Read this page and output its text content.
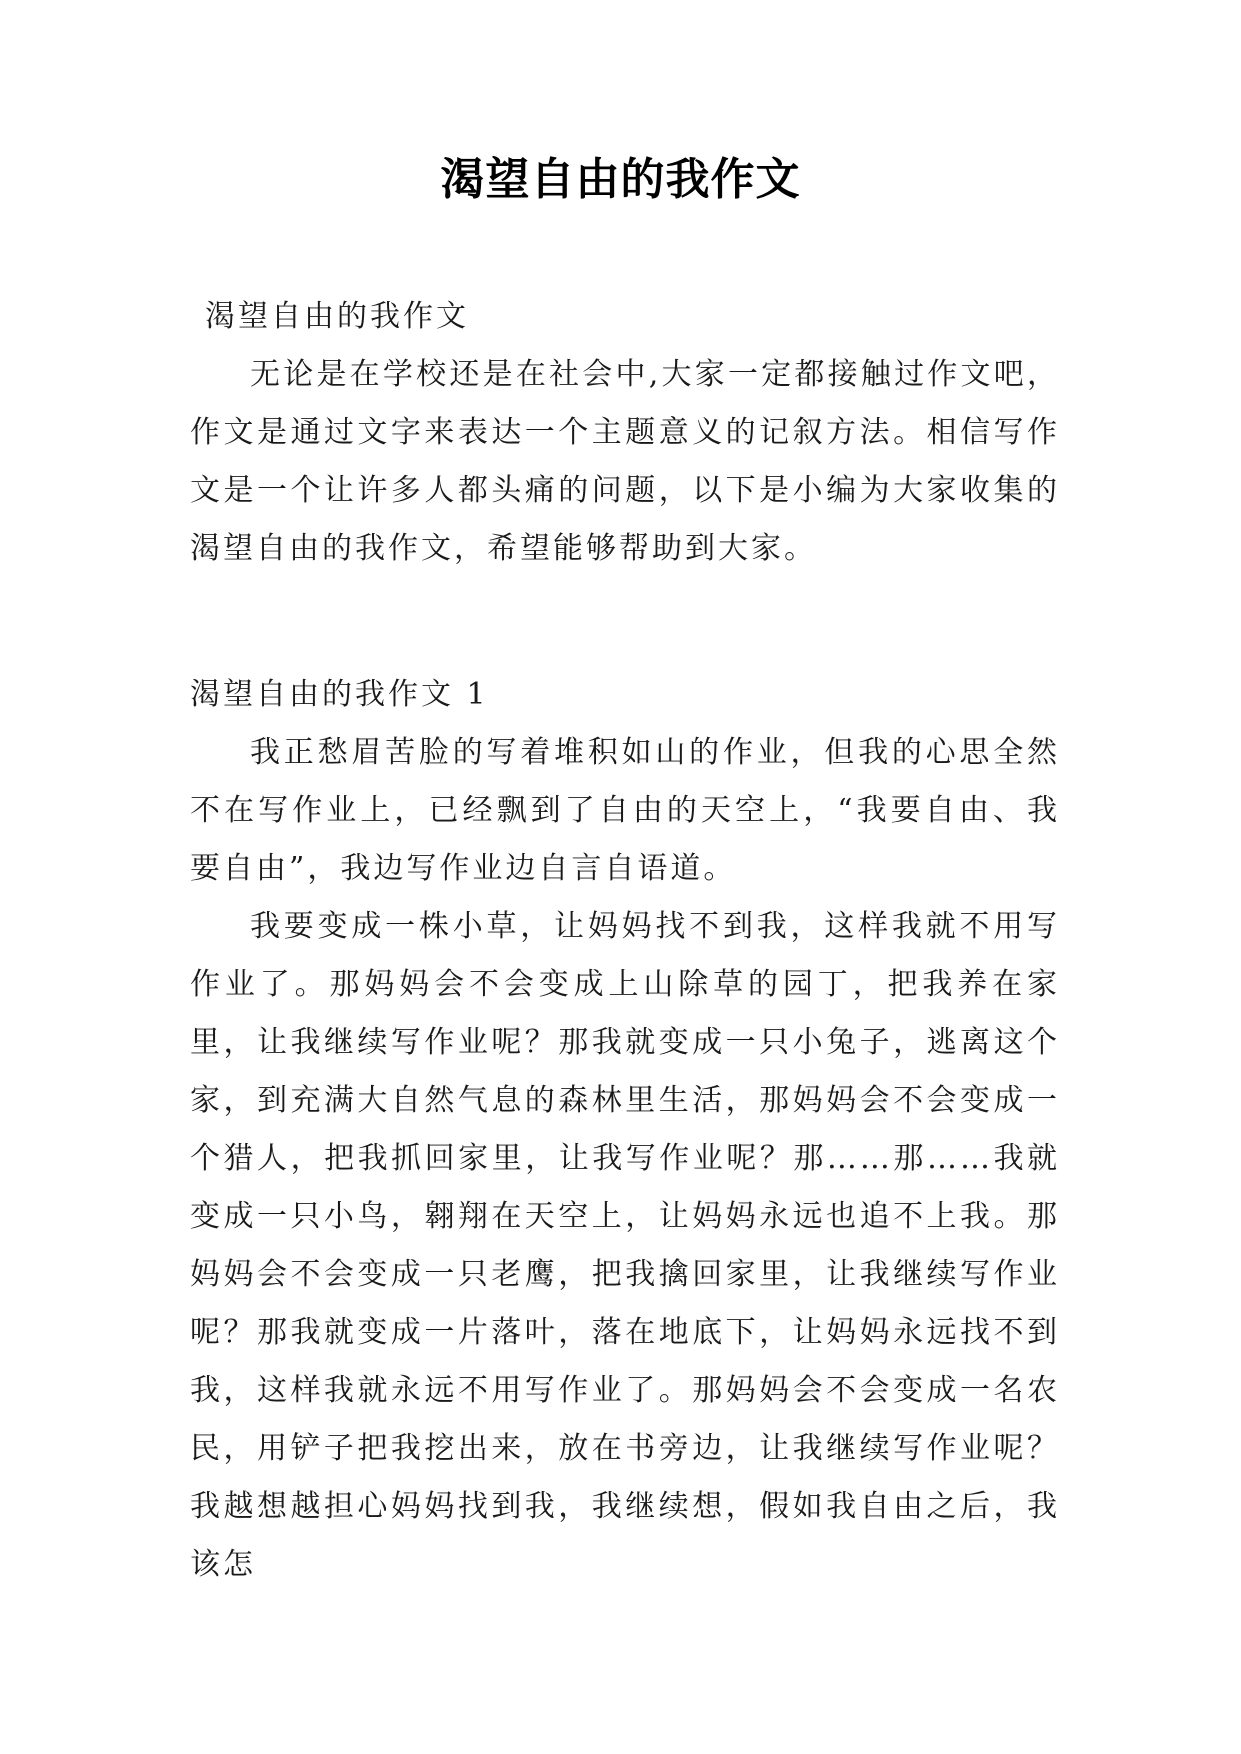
渴望自由的我作文

渴望自由的我作文

无论是在学校还是在社会中,大家一定都接触过作文吧，作文是通过文字来表达一个主题意义的记叙方法。相信写作文是一个让许多人都头痛的问题，以下是小编为大家收集的渴望自由的我作文，希望能够帮助到大家。

渴望自由的我作文 1

我正愁眉苦脸的写着堆积如山的作业，但我的心思全然不在写作业上，已经飘到了自由的天空上，“我要自由、我要自由”，我边写作业边自言自语道。

我要变成一株小草，让妈妈找不到我，这样我就不用写作业了。那妈妈会不会变成上山除草的园丁，把我养在家里，让我继续写作业呢？那我就变成一只小兔子，逃离这个家，到充满大自然气息的森林里生活，那妈妈会不会变成一个猎人，把我抓回家里，让我写作业呢？那……那……我就变成一只小鸟，翱翔在天空上，让妈妈永远也追不上我。那妈妈会不会变成一只老鹰，把我擒回家里，让我继续写作业呢？那我就变成一片落叶，落在地底下，让妈妈永远找不到我，这样我就永远不用写作业了。那妈妈会不会变成一名农民，用铲子把我挖出来，放在书旁边，让我继续写作业呢？我越想越担心妈妈找到我，我继续想，假如我自由之后，我该怎
